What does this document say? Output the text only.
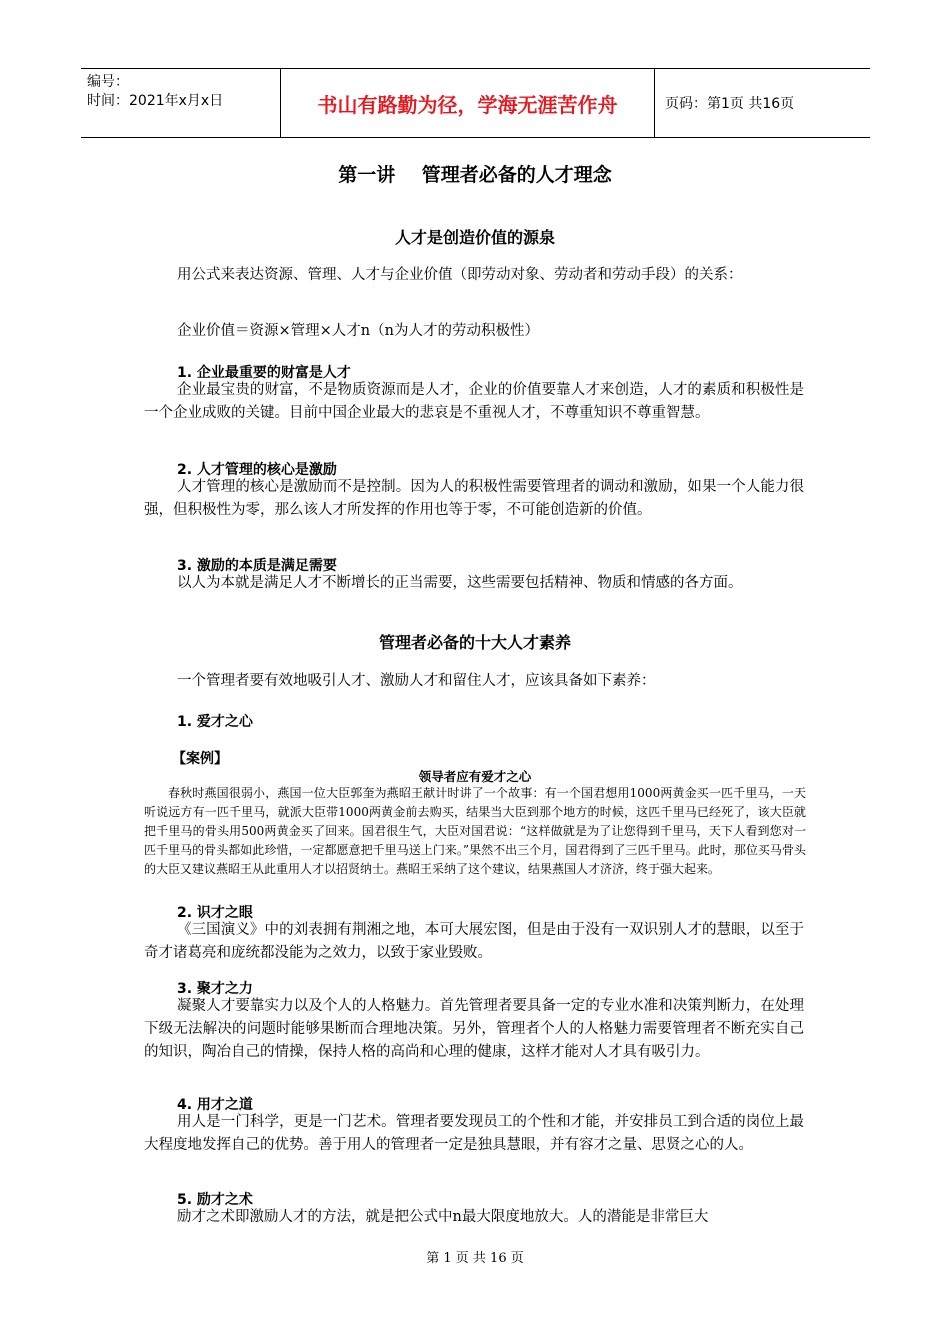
编号：
时间：2021年x月x日	书山有路勤为径，学海无涯苦作舟	页码：第1页 共16页
第一讲    管理者必备的人才理念
人才是创造价值的源泉
用公式来表达资源、管理、人才与企业价值（即劳动对象、劳动者和劳动手段）的关系：
企业价值＝资源×管理×人才n（n为人才的劳动积极性）
1. 企业最重要的财富是人才
企业最宝贵的财富，不是物质资源而是人才，企业的价值要靠人才来创造，人才的素质和积极性是一个企业成败的关键。目前中国企业最大的悲哀是不重视人才，不尊重知识不尊重智慧。
2. 人才管理的核心是激励
人才管理的核心是激励而不是控制。因为人的积极性需要管理者的调动和激励，如果一个人能力很强，但积极性为零，那么该人才所发挥的作用也等于零，不可能创造新的价值。
3. 激励的本质是满足需要
以人为本就是满足人才不断增长的正当需要，这些需要包括精神、物质和情感的各方面。
管理者必备的十大人才素养
一个管理者要有效地吸引人才、激励人才和留住人才，应该具备如下素养：
1. 爱才之心
【案例】
领导者应有爱才之心
春秋时燕国很弱小，燕国一位大臣郭奎为燕昭王献计时讲了一个故事：有一个国君想用1000两黄金买一匹千里马，一天听说远方有一匹千里马，就派大臣带1000两黄金前去购买，结果当大臣到那个地方的时候，这匹千里马已经死了，该大臣就把千里马的骨头用500两黄金买了回来。国君很生气，大臣对国君说：“这样做就是为了让您得到千里马，天下人看到您对一匹千里马的骨头都如此珍惜，一定都愿意把千里马送上门来。”果然不出三个月，国君得到了三匹千里马。此时，那位买马骨头的大臣又建议燕昭王从此重用人才以招贤纳士。燕昭王采纳了这个建议，结果燕国人才济济，终于强大起来。
2. 识才之眼
《三国演义》中的刘表拥有荆湘之地，本可大展宏图，但是由于没有一双识别人才的慧眼，以至于奇才诸葛亮和庞统都没能为之效力，以致于家业毁败。
3. 聚才之力
凝聚人才要靠实力以及个人的人格魅力。首先管理者要具备一定的专业水准和决策判断力，在处理下级无法解决的问题时能够果断而合理地决策。另外，管理者个人的人格魅力需要管理者不断充实自己的知识，陶冶自己的情操，保持人格的高尚和心理的健康，这样才能对人才具有吸引力。
4. 用才之道
用人是一门科学，更是一门艺术。管理者要发现员工的个性和才能，并安排员工到合适的岗位上最大程度地发挥自己的优势。善于用人的管理者一定是独具慧眼，并有容才之量、思贤之心的人。
5. 励才之术
励才之术即激励人才的方法，就是把公式中n最大限度地放大。人的潜能是非常巨大
第 1 页 共 16 页
